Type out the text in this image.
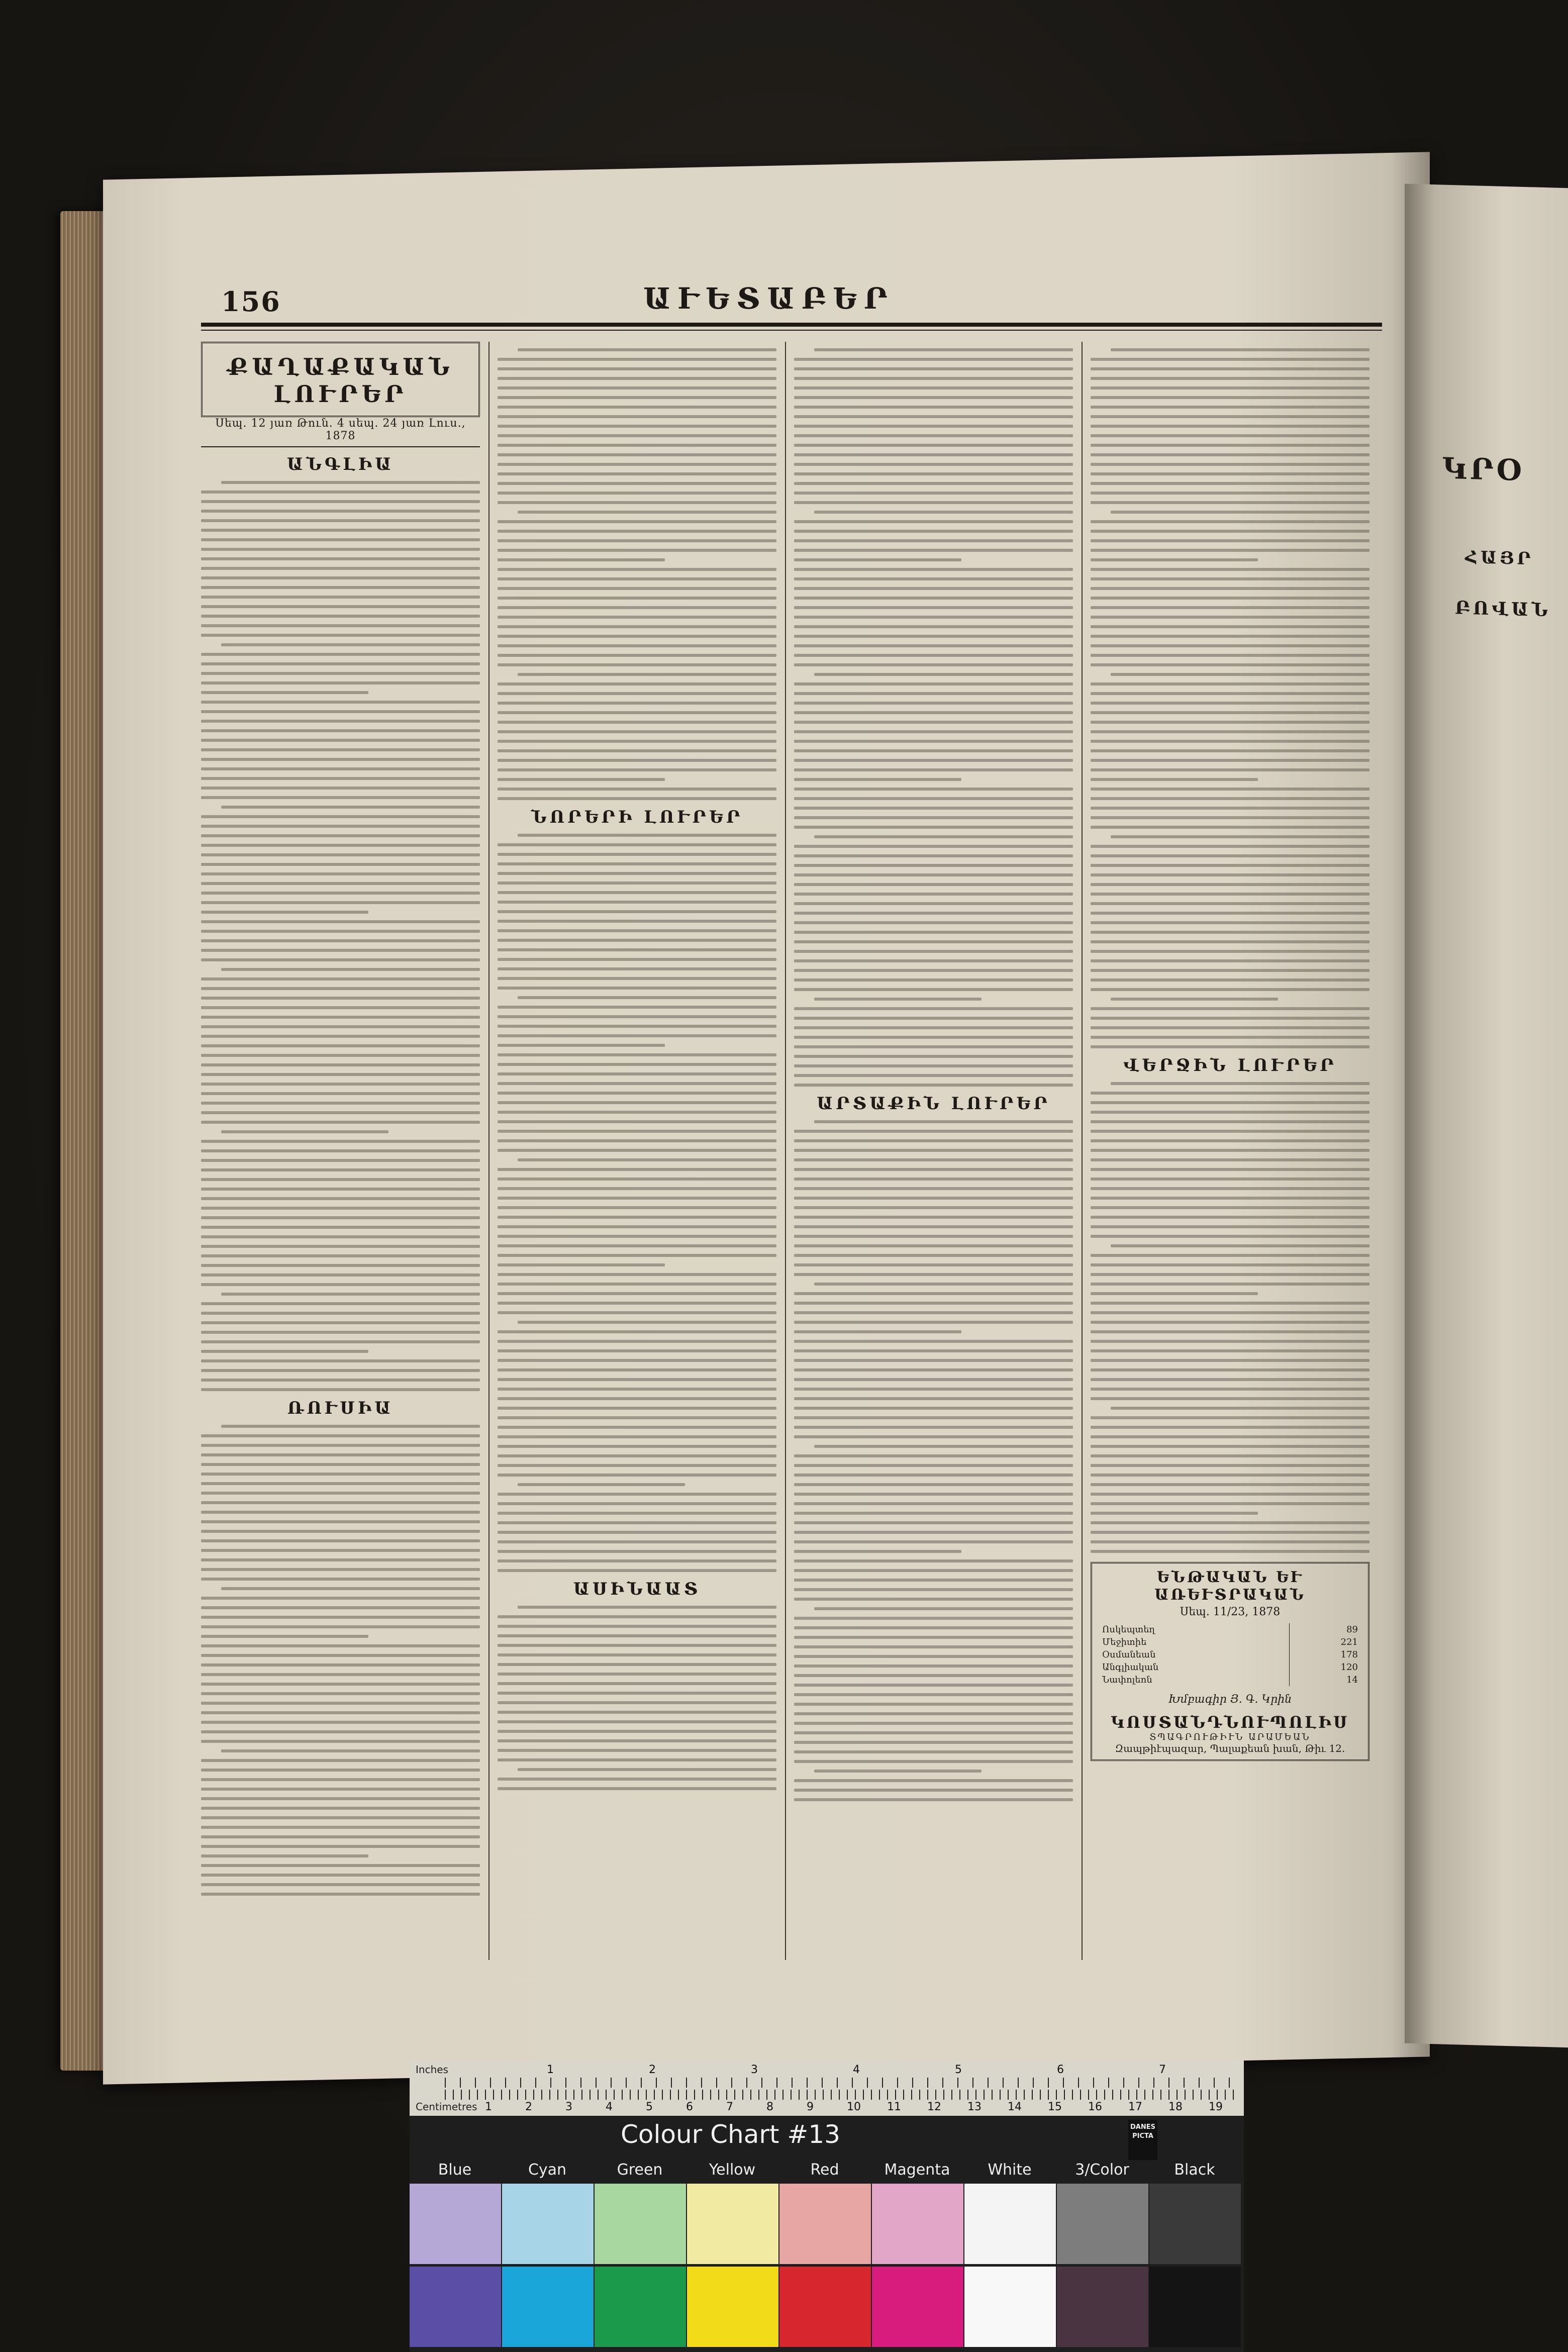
ԿՐՕ
ՀԱՅՐ
ԲՈՎԱՆ
156	ԱՒԵՏԱԲԵՐ
ՔԱՂԱՔԱԿԱՆ ԼՈՒՐԵՐ
Սեպ. 12 յառ Թուն. 4 սեպ. 24 յառ Լուս., 1878
ԱՆԳԼԻԱ
ՌՈՒՍԻԱ
ՆՈՐԵՐԻ ԼՈՒՐԵՐ
ԱՍԻՆԱԱՏ
ԱՐՏԱՔԻՆ ԼՈՒՐԵՐ
ՎԵՐՋԻՆ ԼՈՒՐԵՐ
ԵՆԹԱԿԱՆ ԵՒ ԱՌԵՒՏՐԱԿԱՆ
Սեպ. 11/23, 1878
Ոսկեպտեղ	89
Մեջիտիե	221
Օսմանեան	178
Անգլիական	120
Նափոլեոն	14
Խմբագիր Յ. Գ. Կրին
ԿՈՍՏԱՆԴՆՈՒՊՈԼԻՍ
ՏՊԱԳՐՈՒԹԻՒՆ ԱՐԱՄԵԱՆ
Զապթիէպազար, Պալաքեան խան, Թիւ 12.
Inches
Centimetres 1	2	3	4	5	6	7	8	9	10 11 12 13 14 15 16 17 18 19
1	2	3	4	5	6	7
Colour Chart #13	DANES
PICTA
Blue	Cyan	Green	Yellow	Red	Magenta	White	3/Color	Black
